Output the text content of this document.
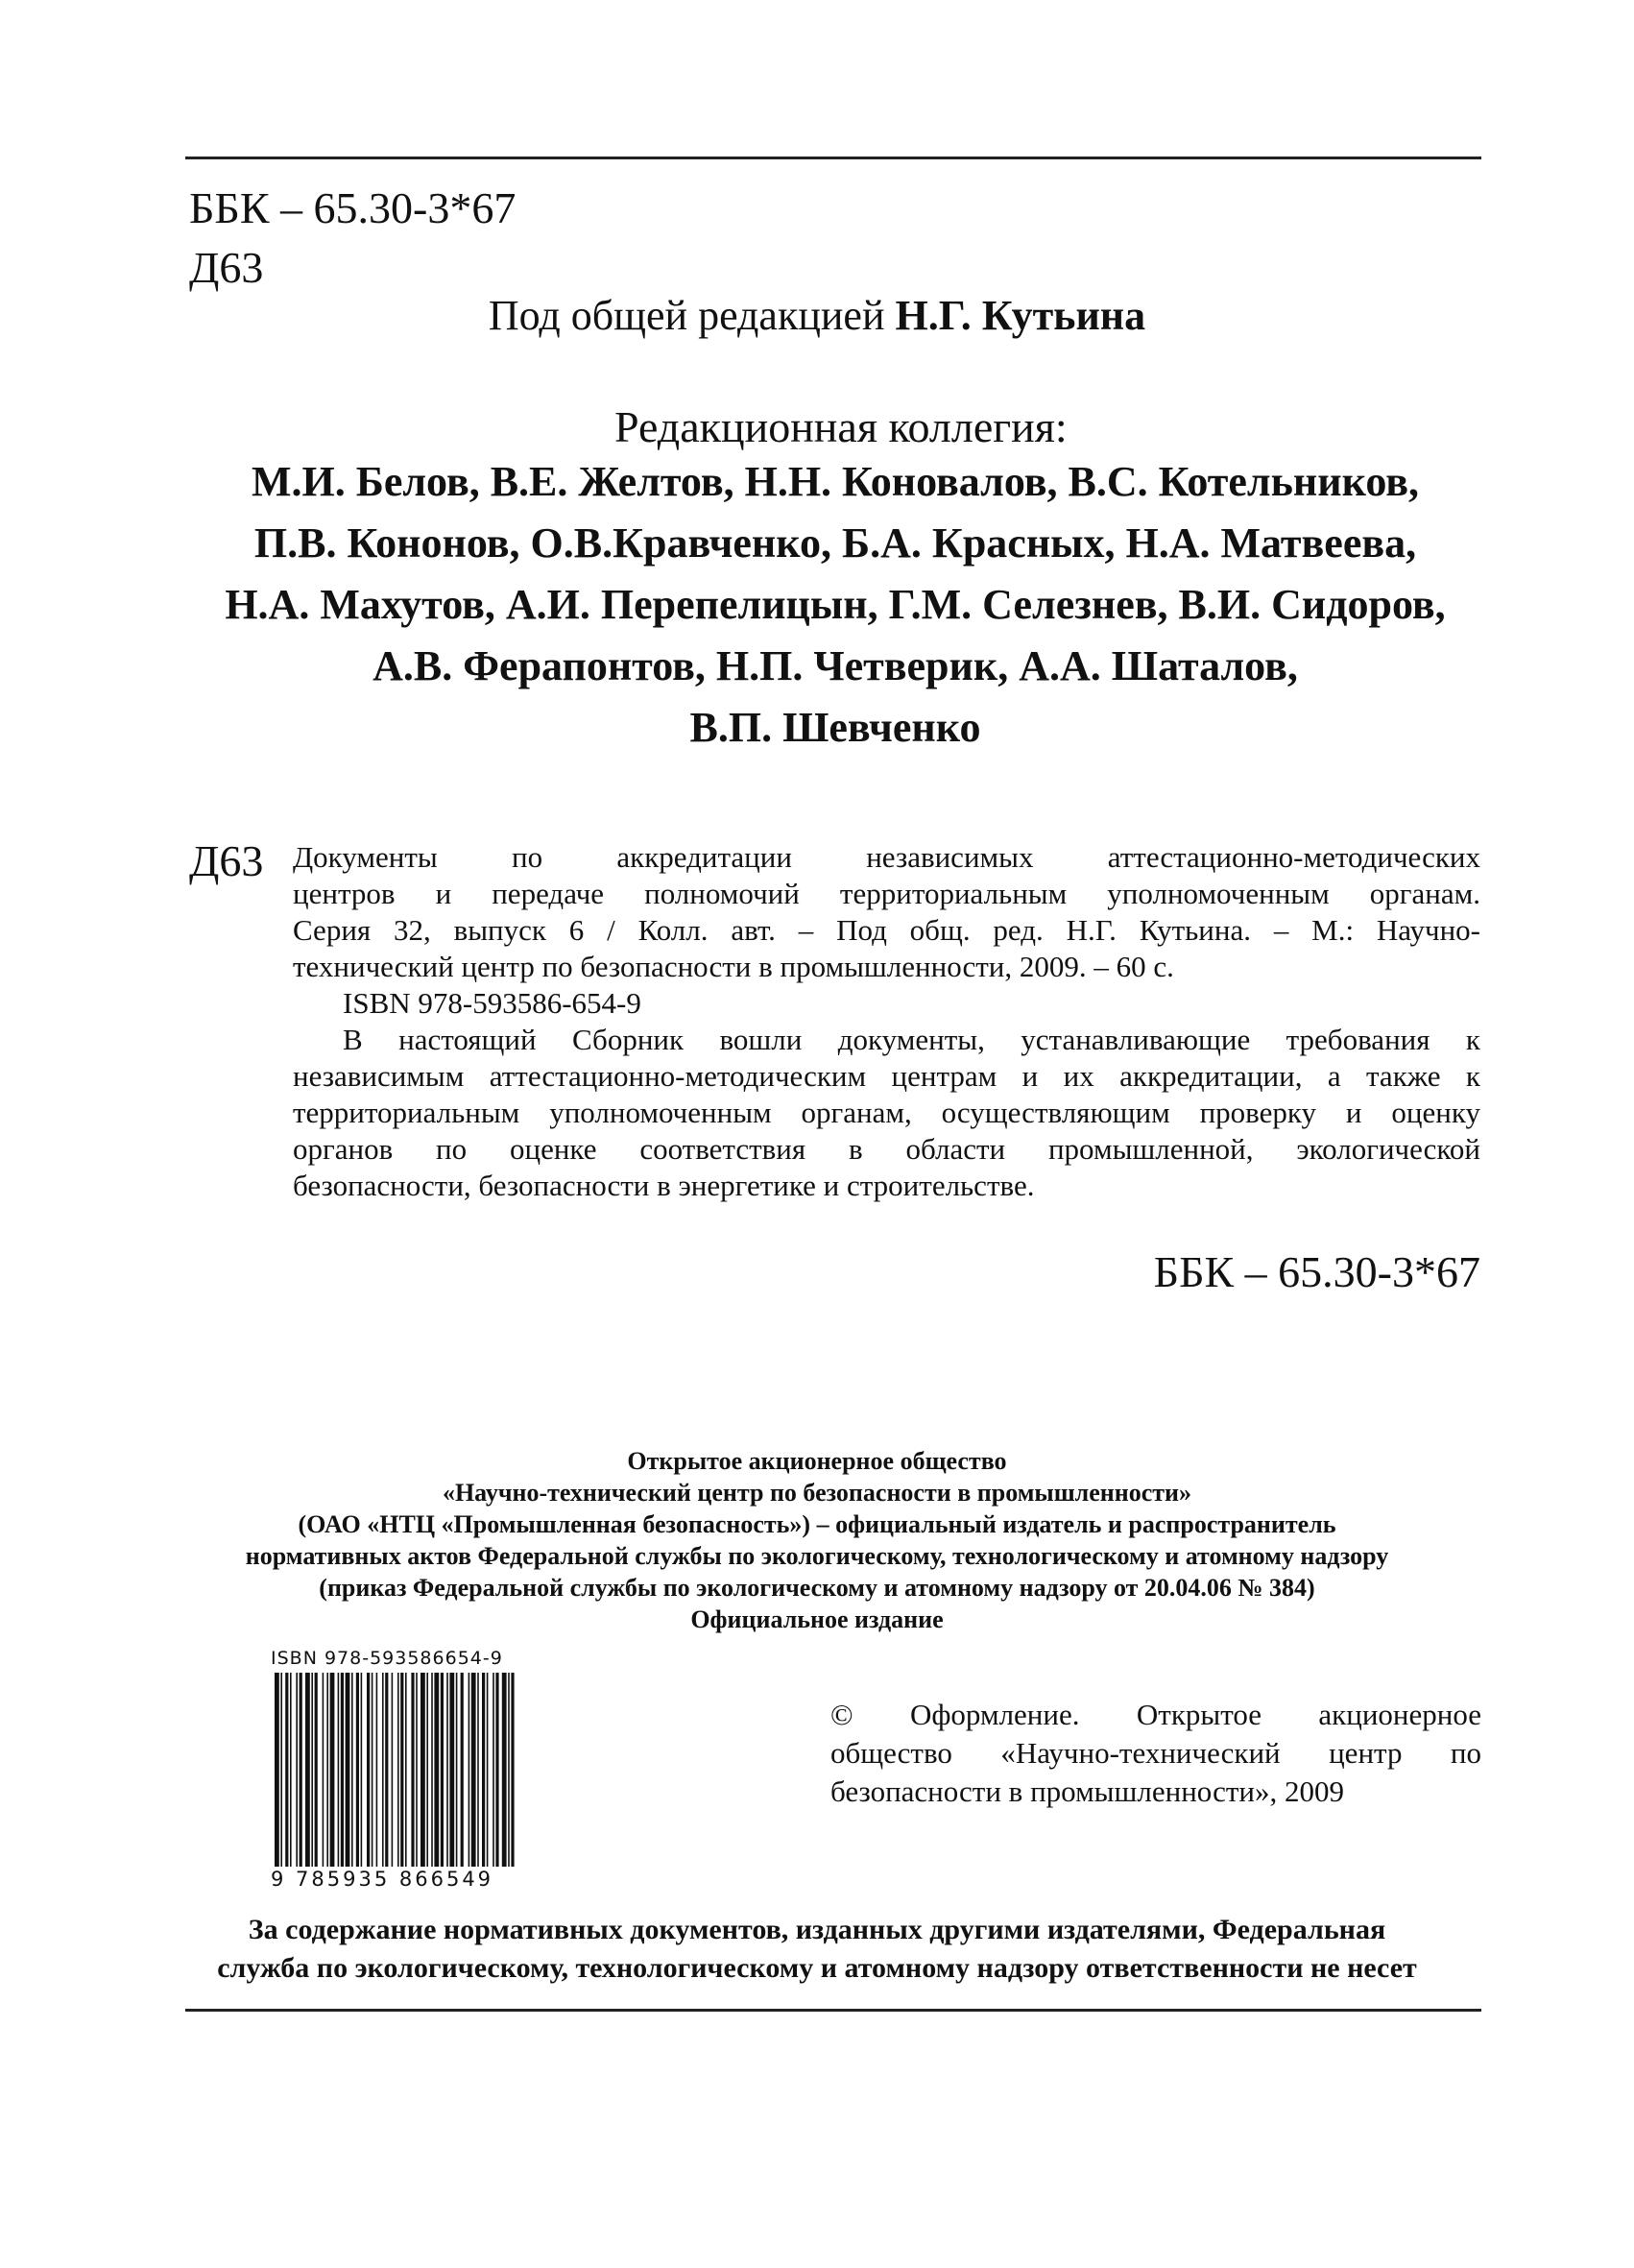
ББК – 65.30-3*67
Д63
Под общей редакцией Н.Г. Кутьина
Редакционная коллегия:
М.И. Белов, В.Е. Желтов, Н.Н. Коновалов, В.С. Котельников,
П.В. Кононов, О.В.Кравченко, Б.А. Красных, Н.А. Матвеева,
Н.А. Махутов, А.И. Перепелицын, Г.М. Селезнев, В.И. Сидоров,
А.В. Ферапонтов, Н.П. Четверик, А.А. Шаталов,
В.П. Шевченко
Д63 Документы по аккредитации независимых аттестационно-методических

центров и передаче полномочий территориальным уполномоченным органам.

Серия 32, выпуск 6 / Колл. авт. – Под общ. ред. Н.Г. Кутьина. – М.: Научно-

технический центр по безопасности в промышленности, 2009. – 60 с.

ISBN 978-593586-654-9

В настоящий Сборник вошли документы, устанавливающие требования к

независимым аттестационно-методическим центрам и их аккредитации, а также к

территориальным уполномоченным органам, осуществляющим проверку и оценку

органов по оценке соответствия в области промышленной, экологической

безопасности, безопасности в энергетике и строительстве.

ББК – 65.30-3*67
Открытое акционерное общество
«Научно-технический центр по безопасности в промышленности»
(ОАО «НТЦ «Промышленная безопасность») – официальный издатель и распространитель
нормативных актов Федеральной службы по экологическому, технологическому и атомному надзору
(приказ Федеральной службы по экологическому и атомному надзору от 20.04.06 № 384)
Официальное издание
ISBN 978-593586654-9
9 785935 866549

© Оформление. Открытое акционерное

общество «Научно-технический центр по

безопасности в промышленности», 2009

За содержание нормативных документов, изданных другими издателями, Федеральная
служба по экологическому, технологическому и атомному надзору ответственности не несет
